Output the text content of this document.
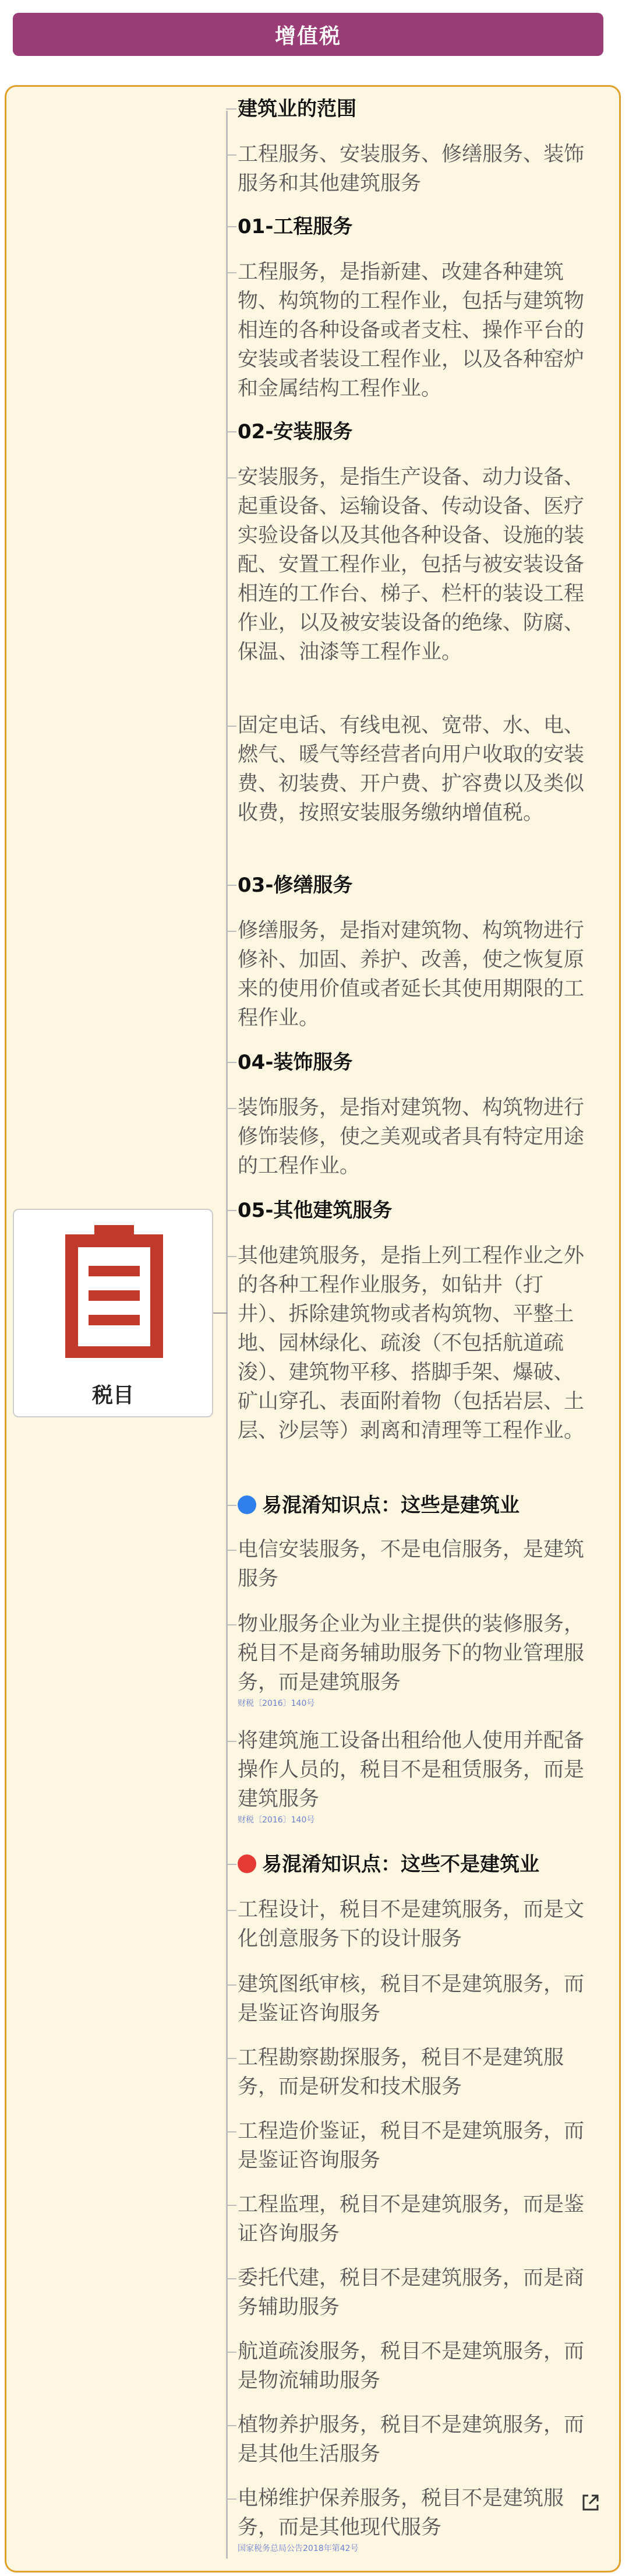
增值税
税目
建筑业的范围
工程服务、安装服务、修缮服务、装饰服务和其他建筑服务
01-工程服务
工程服务，是指新建、改建各种建筑物、构筑物的工程作业，包括与建筑物相连的各种设备或者支柱、操作平台的安装或者装设工程作业，以及各种窑炉和金属结构工程作业。
02-安装服务
安装服务，是指生产设备、动力设备、起重设备、运输设备、传动设备、医疗实验设备以及其他各种设备、设施的装配、安置工程作业，包括与被安装设备相连的工作台、梯子、栏杆的装设工程作业，以及被安装设备的绝缘、防腐、保温、油漆等工程作业。
固定电话、有线电视、宽带、水、电、燃气、暖气等经营者向用户收取的安装费、初装费、开户费、扩容费以及类似收费，按照安装服务缴纳增值税。
03-修缮服务
修缮服务，是指对建筑物、构筑物进行修补、加固、养护、改善，使之恢复原来的使用价值或者延长其使用期限的工程作业。
04-装饰服务
装饰服务，是指对建筑物、构筑物进行修饰装修，使之美观或者具有特定用途的工程作业。
05-其他建筑服务
其他建筑服务，是指上列工程作业之外的各种工程作业服务，如钻井（打井）、拆除建筑物或者构筑物、平整土地、园林绿化、疏浚（不包括航道疏浚）、建筑物平移、搭脚手架、爆破、矿山穿孔、表面附着物（包括岩层、土层、沙层等）剥离和清理等工程作业。
易混淆知识点：这些是建筑业
电信安装服务，不是电信服务，是建筑服务
物业服务企业为业主提供的装修服务，税目不是商务辅助服务下的物业管理服务，而是建筑服务
财税〔2016〕140号
将建筑施工设备出租给他人使用并配备操作人员的，税目不是租赁服务，而是建筑服务
财税〔2016〕140号
易混淆知识点：这些不是建筑业
工程设计，税目不是建筑服务，而是文化创意服务下的设计服务
建筑图纸审核，税目不是建筑服务，而是鉴证咨询服务
工程勘察勘探服务，税目不是建筑服务，而是研发和技术服务
工程造价鉴证，税目不是建筑服务，而是鉴证咨询服务
工程监理，税目不是建筑服务，而是鉴证咨询服务
委托代建，税目不是建筑服务，而是商务辅助服务
航道疏浚服务，税目不是建筑服务，而是物流辅助服务
植物养护服务，税目不是建筑服务，而是其他生活服务
电梯维护保养服务，税目不是建筑服务，而是其他现代服务
国家税务总局公告2018年第42号
